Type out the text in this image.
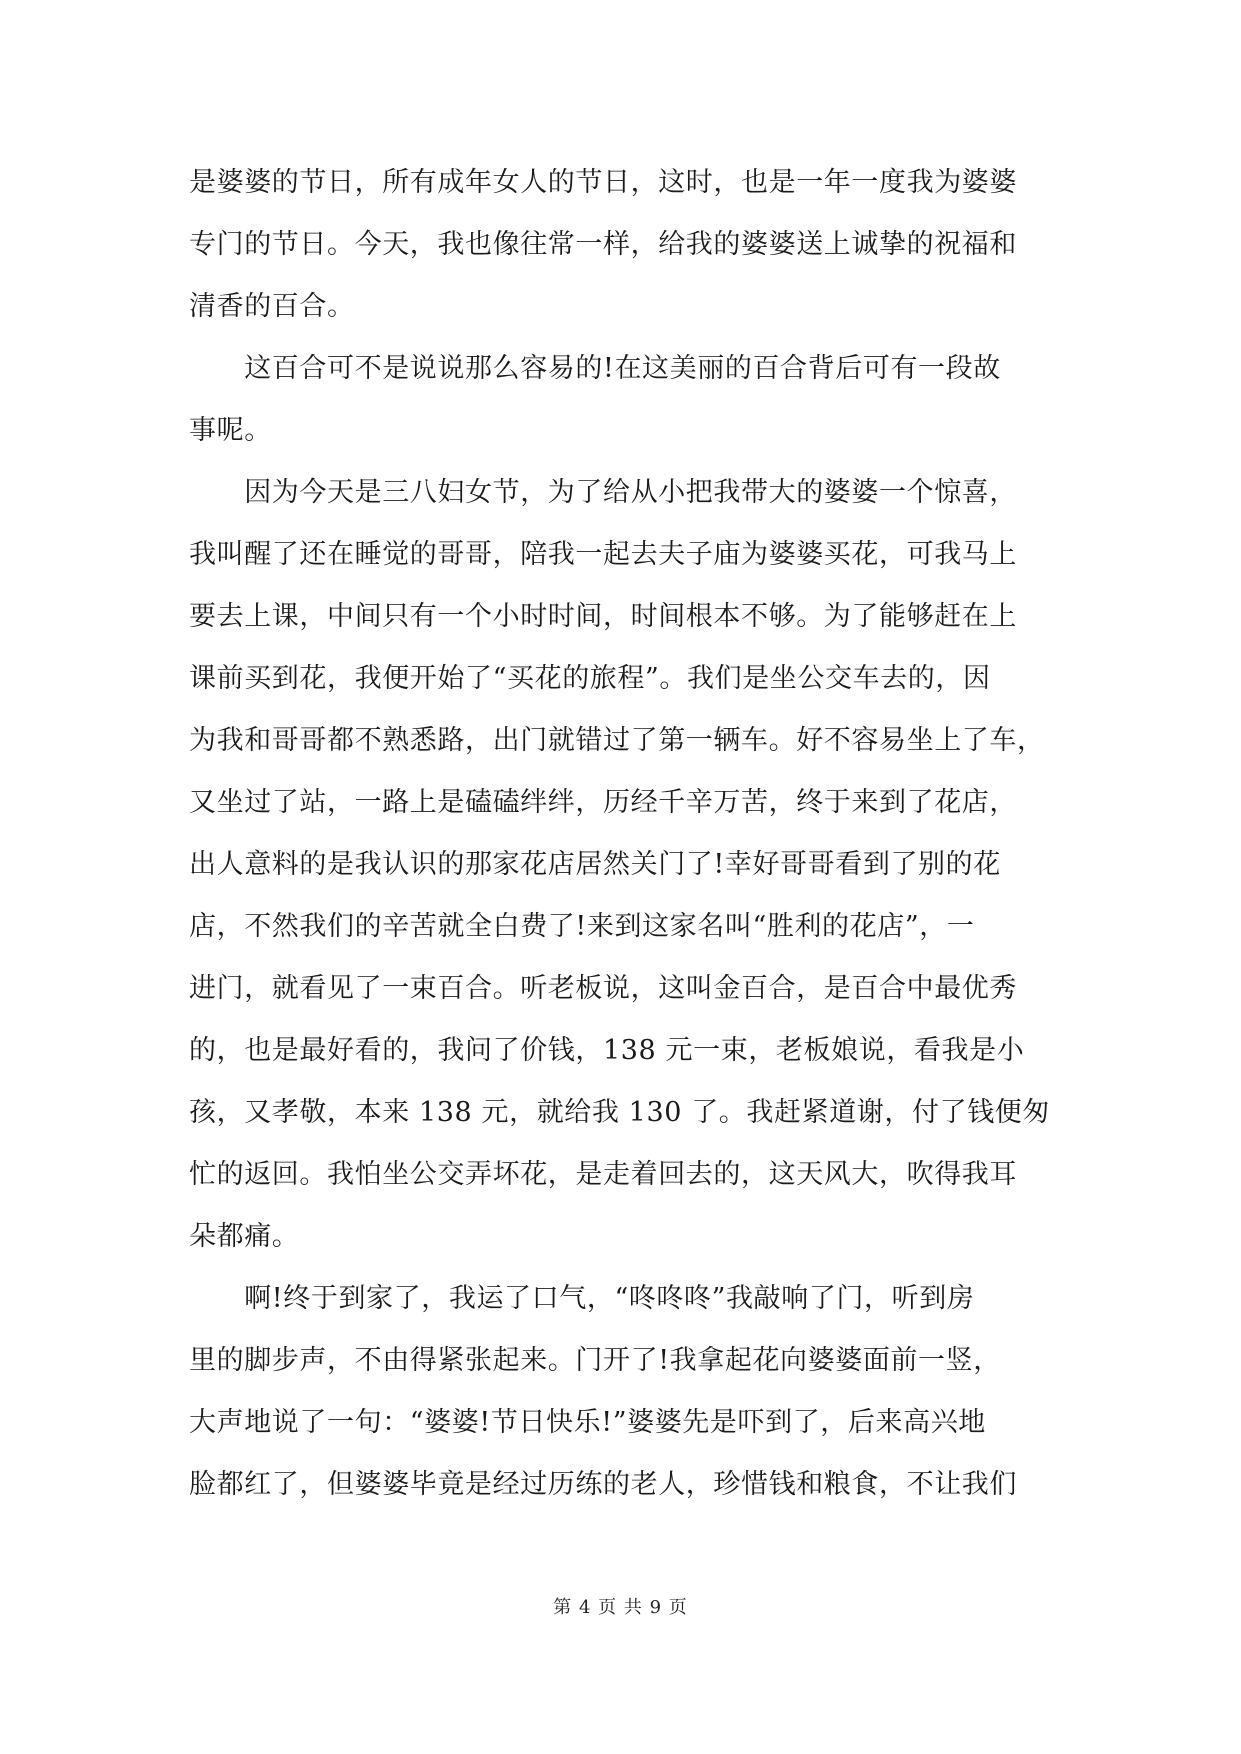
是婆婆的节日，所有成年女人的节日，这时，也是一年一度我为婆婆
专门的节日。今天，我也像往常一样，给我的婆婆送上诚挚的祝福和
清香的百合。
　　这百合可不是说说那么容易的!在这美丽的百合背后可有一段故
事呢。
　　因为今天是三八妇女节，为了给从小把我带大的婆婆一个惊喜，
我叫醒了还在睡觉的哥哥，陪我一起去夫子庙为婆婆买花，可我马上
要去上课，中间只有一个小时时间，时间根本不够。为了能够赶在上
课前买到花，我便开始了“买花的旅程”。我们是坐公交车去的，因
为我和哥哥都不熟悉路，出门就错过了第一辆车。好不容易坐上了车，
又坐过了站，一路上是磕磕绊绊，历经千辛万苦，终于来到了花店，
出人意料的是我认识的那家花店居然关门了!幸好哥哥看到了别的花
店，不然我们的辛苦就全白费了!来到这家名叫“胜利的花店”，一
进门，就看见了一束百合。听老板说，这叫金百合，是百合中最优秀
的，也是最好看的，我问了价钱，138 元一束，老板娘说，看我是小
孩，又孝敬，本来 138 元，就给我 130 了。我赶紧道谢，付了钱便匆
忙的返回。我怕坐公交弄坏花，是走着回去的，这天风大，吹得我耳
朵都痛。
　　啊!终于到家了，我运了口气，“咚咚咚”我敲响了门，听到房
里的脚步声，不由得紧张起来。门开了!我拿起花向婆婆面前一竖，
大声地说了一句：“婆婆!节日快乐!”婆婆先是吓到了，后来高兴地
脸都红了，但婆婆毕竟是经过历练的老人，珍惜钱和粮食，不让我们
第 4 页 共 9 页
